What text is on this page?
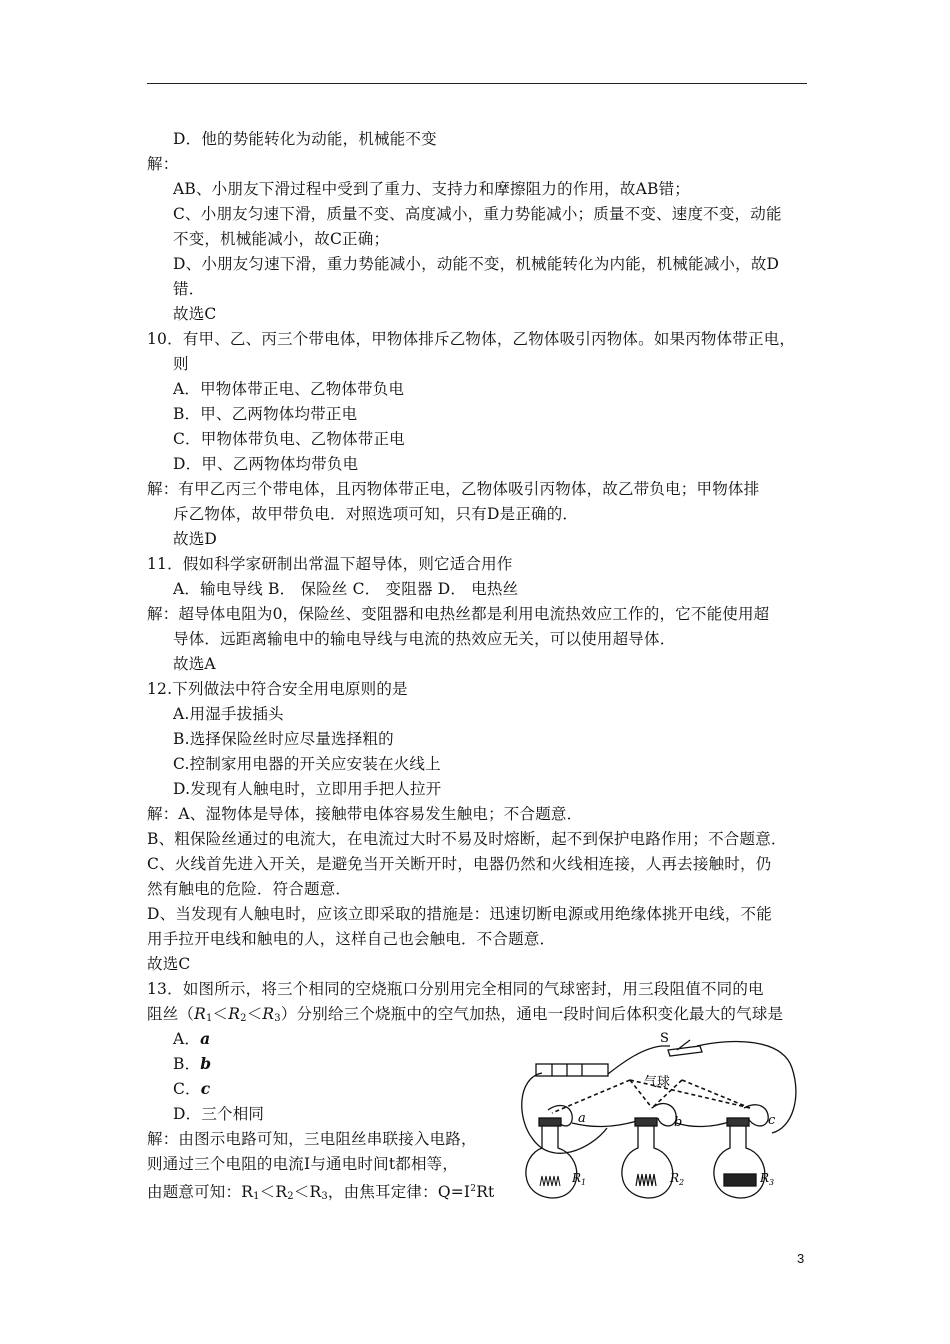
D．他的势能转化为动能，机械能不变
解：
AB、小朋友下滑过程中受到了重力、支持力和摩擦阻力的作用，故AB错；
C、小朋友匀速下滑，质量不变、高度减小，重力势能减小；质量不变、速度不变，动能
不变，机械能减小，故C正确；
D、小朋友匀速下滑，重力势能减小，动能不变，机械能转化为内能，机械能减小，故D
错．
故选C
10．有甲、乙、丙三个带电体，甲物体排斥乙物体，乙物体吸引丙物体。如果丙物体带正电，
则
A．甲物体带正电、乙物体带负电
B．甲、乙两物体均带正电
C．甲物体带负电、乙物体带正电
D．甲、乙两物体均带负电
解：有甲乙丙三个带电体，且丙物体带正电，乙物体吸引丙物体，故乙带负电；甲物体排
斥乙物体，故甲带负电．对照选项可知，只有D是正确的．
故选D
11．假如科学家研制出常温下超导体，则它适合用作
A．输电导线 B． 保险丝 C． 变阻器 D． 电热丝
解：超导体电阻为0，保险丝、变阻器和电热丝都是利用电流热效应工作的，它不能使用超
导体．远距离输电中的输电导线与电流的热效应无关，可以使用超导体．
故选A
12.下列做法中符合安全用电原则的是
A.用湿手拔插头
B.选择保险丝时应尽量选择粗的
C.控制家用电器的开关应安装在火线上
D.发现有人触电时，立即用手把人拉开
解：A、湿物体是导体，接触带电体容易发生触电；不合题意．
B、粗保险丝通过的电流大，在电流过大时不易及时熔断，起不到保护电路作用；不合题意．
C、火线首先进入开关，是避免当开关断开时，电器仍然和火线相连接，人再去接触时，仍
然有触电的危险．符合题意．
D、当发现有人触电时，应该立即采取的措施是：迅速切断电源或用绝缘体挑开电线，不能
用手拉开电线和触电的人，这样自己也会触电．不合题意．
故选C
13．如图所示，将三个相同的空烧瓶口分别用完全相同的气球密封，用三段阻值不同的电
阻丝$(R_1<R_2<R_3)$分别给三个烧瓶中的空气加热，通电一段时间后体积变化最大的气球是
A．a
B．b
C．c
D．三个相同
解：由图示电路可知，三电阻丝串联接入电路，
则通过三个电阻的电流I与通电时间t都相等，
由题意可知：$R_1<R_2<R_3$，由焦耳定律：$Q=I^2Rt$
S
气球
a	b	c
$R_1$	$R_2$	$R_3$
3
